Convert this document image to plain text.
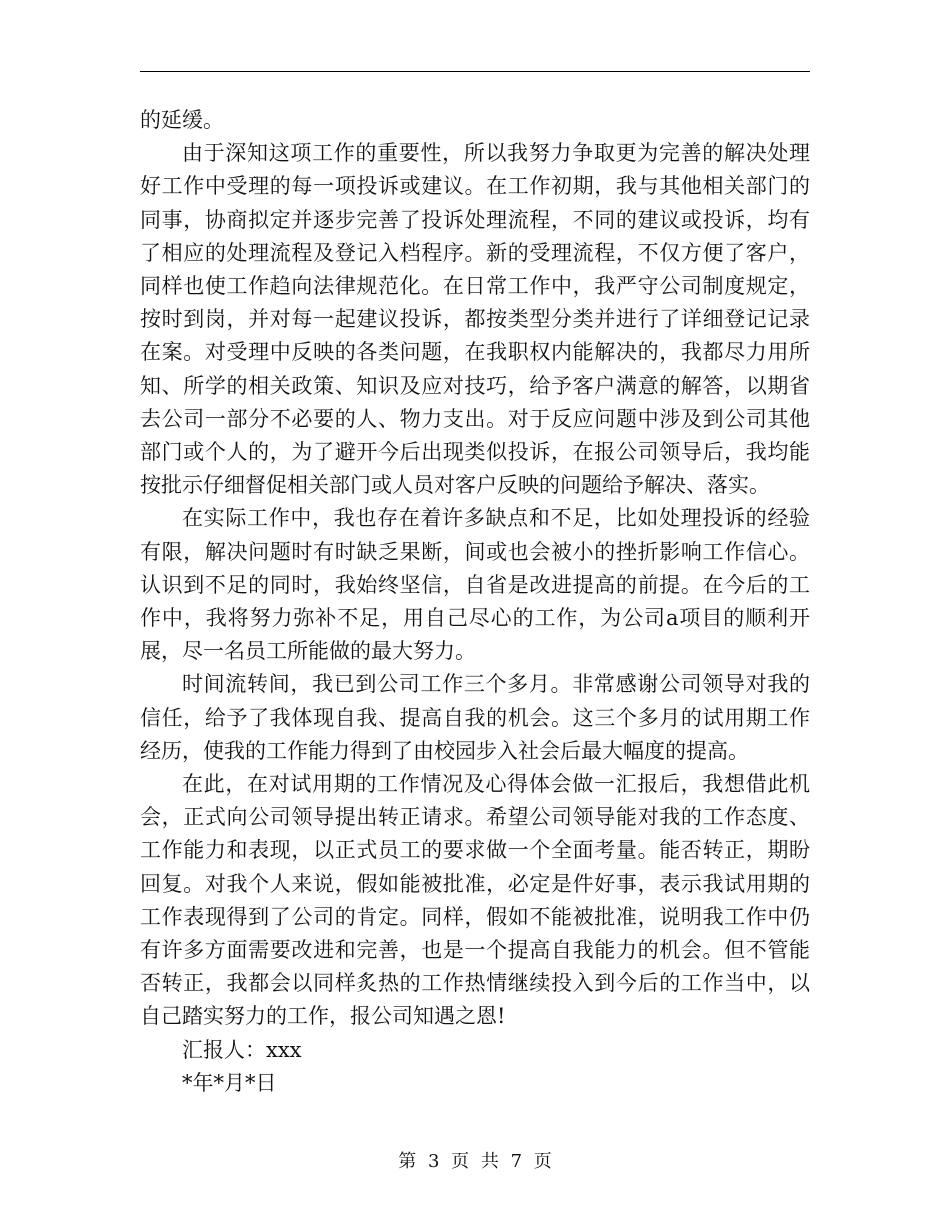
的延缓。

由于深知这项工作的重要性，所以我努力争取更为完善的解决处理好工作中受理的每一项投诉或建议。在工作初期，我与其他相关部门的同事，协商拟定并逐步完善了投诉处理流程，不同的建议或投诉，均有了相应的处理流程及登记入档程序。新的受理流程，不仅方便了客户，同样也使工作趋向法律规范化。在日常工作中，我严守公司制度规定，按时到岗，并对每一起建议投诉，都按类型分类并进行了详细登记记录在案。对受理中反映的各类问题，在我职权内能解决的，我都尽力用所知、所学的相关政策、知识及应对技巧，给予客户满意的解答，以期省去公司一部分不必要的人、物力支出。对于反应问题中涉及到公司其他部门或个人的，为了避开今后出现类似投诉，在报公司领导后，我均能按批示仔细督促相关部门或人员对客户反映的问题给予解决、落实。

在实际工作中，我也存在着许多缺点和不足，比如处理投诉的经验有限，解决问题时有时缺乏果断，间或也会被小的挫折影响工作信心。认识到不足的同时，我始终坚信，自省是改进提高的前提。在今后的工作中，我将努力弥补不足，用自己尽心的工作，为公司a项目的顺利开展，尽一名员工所能做的最大努力。

时间流转间，我已到公司工作三个多月。非常感谢公司领导对我的信任，给予了我体现自我、提高自我的机会。这三个多月的试用期工作经历，使我的工作能力得到了由校园步入社会后最大幅度的提高。

在此，在对试用期的工作情况及心得体会做一汇报后，我想借此机会，正式向公司领导提出转正请求。希望公司领导能对我的工作态度、工作能力和表现，以正式员工的要求做一个全面考量。能否转正，期盼回复。对我个人来说，假如能被批准，必定是件好事，表示我试用期的工作表现得到了公司的肯定。同样，假如不能被批准，说明我工作中仍有许多方面需要改进和完善，也是一个提高自我能力的机会。但不管能否转正，我都会以同样炙热的工作热情继续投入到今后的工作当中，以自己踏实努力的工作，报公司知遇之恩!

汇报人：xxx

*年*月*日

第 3 页 共 7 页
